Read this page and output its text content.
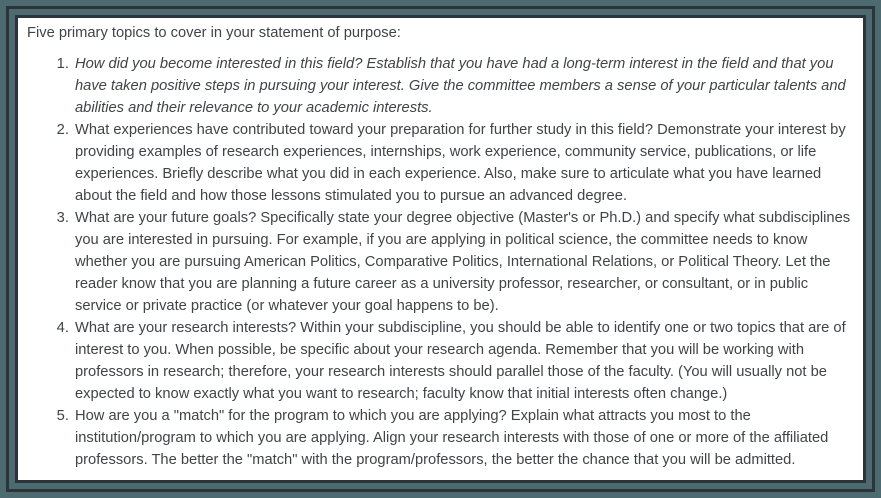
Five primary topics to cover in your statement of purpose:

1. How did you become interested in this field? Establish that you have had a long-term interest in the field and that you have taken positive steps in pursuing your interest. Give the committee members a sense of your particular talents and abilities and their relevance to your academic interests.
2. What experiences have contributed toward your preparation for further study in this field? Demonstrate your interest by providing examples of research experiences, internships, work experience, community service, publications, or life experiences. Briefly describe what you did in each experience. Also, make sure to articulate what you have learned about the field and how those lessons stimulated you to pursue an advanced degree.
3. What are your future goals? Specifically state your degree objective (Master's or Ph.D.) and specify what subdisciplines you are interested in pursuing. For example, if you are applying in political science, the committee needs to know whether you are pursuing American Politics, Comparative Politics, International Relations, or Political Theory. Let the reader know that you are planning a future career as a university professor, researcher, or consultant, or in public service or private practice (or whatever your goal happens to be).
4. What are your research interests? Within your subdiscipline, you should be able to identify one or two topics that are of interest to you. When possible, be specific about your research agenda. Remember that you will be working with professors in research; therefore, your research interests should parallel those of the faculty. (You will usually not be expected to know exactly what you want to research; faculty know that initial interests often change.)
5. How are you a "match" for the program to which you are applying? Explain what attracts you most to the institution/program to which you are applying. Align your research interests with those of one or more of the affiliated professors. The better the "match" with the program/professors, the better the chance that you will be admitted.
